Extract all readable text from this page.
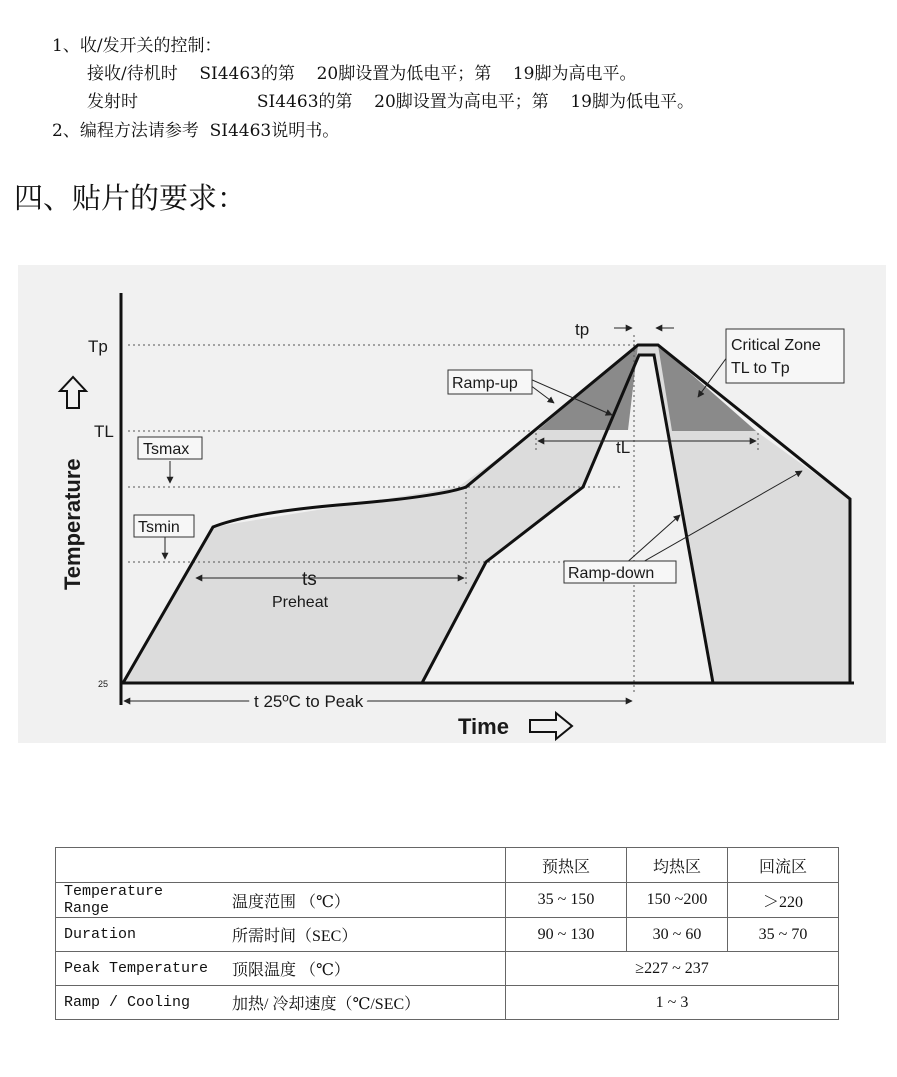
1、收/发开关的控制：
接收/待机时    SI4463的第    20脚设置为低电平；第    19脚为高电平。
发射时                      SI4463的第    20脚设置为高电平；第    19脚为低电平。
2、编程方法请参考  SI4463说明书。
四、贴片的要求：
Temperature
Time
Tp
TL
Tsmax
Tsmin
25
tp
tL
ts
Preheat
t 25ºC to Peak
Ramp-up
Ramp-down
Critical Zone
TL to Tp
		预热区	均热区	回流区
Temperature Range	温度范围 （℃）	35 ~ 150	150 ~200	＞220
Duration	所需时间（SEC）	90 ~ 130	30 ~ 60	35 ~ 70
Peak Temperature	顶限温度 （℃）	≥227 ~ 237		
Ramp / Cooling	加热/ 冷却速度（℃/SEC）	1 ~ 3		
